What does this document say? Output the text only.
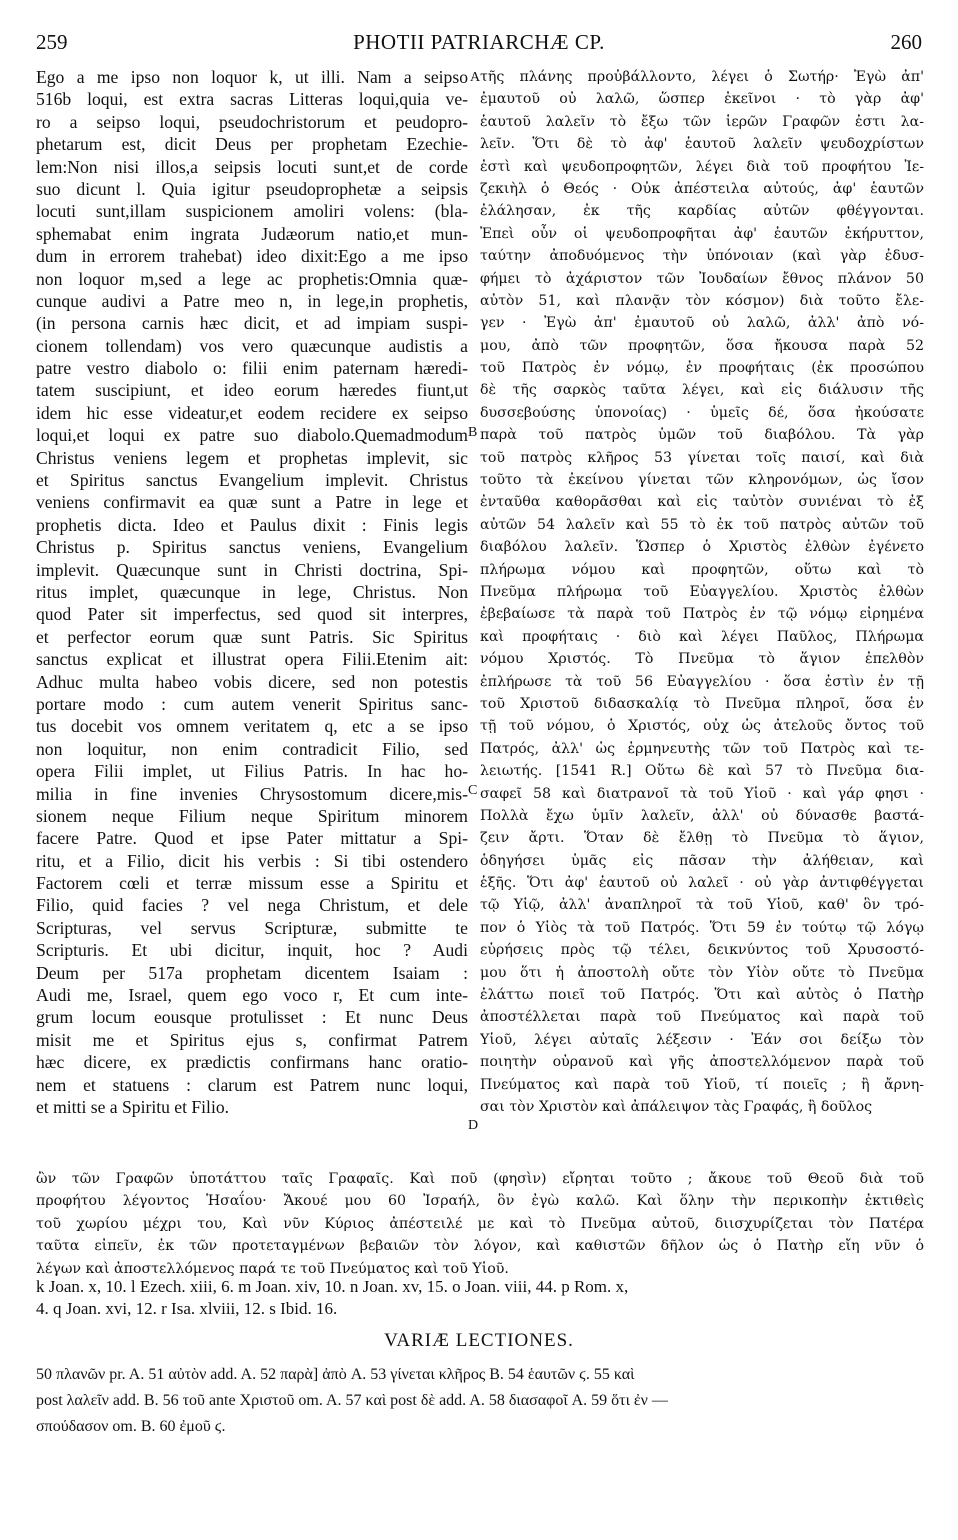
259	PHOTII PATRIARCHÆ CP.	260
Ego a me ipso non loquor k, ut illi. Nam a seipso
516b loqui, est extra sacras Litteras loqui,quia ve-
ro a seipso loqui, pseudochristorum et peudopro-
phetarum est, dicit Deus per prophetam Ezechie-
lem:Non nisi illos,a seipsis locuti sunt,et de corde
suo dicunt l. Quia igitur pseudoprophetæ a seipsis
locuti sunt,illam suspicionem amoliri volens: (bla-
sphemabat enim ingrata Judæorum natio,et mun-
dum in errorem trahebat) ideo dixit:Ego a me ipso
non loquor m,sed a lege ac prophetis:Omnia quæ-
cunque audivi a Patre meo n, in lege,in prophetis,
(in persona carnis hæc dicit, et ad impiam suspi-
cionem tollendam) vos vero quæcunque audistis a
patre vestro diabolo o: filii enim paternam hæredi-
tatem suscipiunt, et ideo eorum hæredes fiunt,ut
idem hic esse videatur,et eodem recidere ex seipso
loqui,et loqui ex patre suo diabolo.Quemadmodum
Christus veniens legem et prophetas implevit, sic
et Spiritus sanctus Evangelium implevit. Christus
veniens confirmavit ea quæ sunt a Patre in lege et
prophetis dicta. Ideo et Paulus dixit : Finis legis
Christus p. Spiritus sanctus veniens, Evangelium
implevit. Quæcunque sunt in Christi doctrina, Spi-
ritus implet, quæcunque in lege, Christus. Non
quod Pater sit imperfectus, sed quod sit interpres,
et perfector eorum quæ sunt Patris. Sic Spiritus
sanctus explicat et illustrat opera Filii.Etenim ait:
Adhuc multa habeo vobis dicere, sed non potestis
portare modo : cum autem venerit Spiritus sanc-
tus docebit vos omnem veritatem q, etc a se ipso
non loquitur, non enim contradicit Filio, sed
opera Filii implet, ut Filius Patris. In hac ho-
milia in fine invenies Chrysostomum dicere,mis-
sionem neque Filium neque Spiritum minorem
facere Patre. Quod et ipse Pater mittatur a Spi-
ritu, et a Filio, dicit his verbis : Si tibi ostendero
Factorem cœli et terræ missum esse a Spiritu et
Filio, quid facies ? vel nega Christum, et dele
Scripturas, vel servus Scripturæ, submitte te
Scripturis. Et ubi dicitur, inquit, hoc ? Audi
Deum per 517a prophetam dicentem Isaiam :
Audi me, Israel, quem ego voco r, Et cum inte-
grum locum eousque protulisset : Et nunc Deus
misit me et Spiritus ejus s, confirmat Patrem
hæc dicere, ex prædictis confirmans hanc oratio-
nem et statuens : clarum est Patrem nunc loqui,
et mitti se a Spiritu et Filio.
τῆς πλάνης προὐβάλλοντο, λέγει ὁ Σωτήρ· Ἐγὼ ἀπ'
ἐμαυτοῦ οὐ λαλῶ, ὥσπερ ἐκεῖνοι · τὸ γὰρ ἀφ'
ἑαυτοῦ λαλεῖν τὸ ἔξω τῶν ἱερῶν Γραφῶν ἐστι λα-
λεῖν. Ὅτι δὲ τὸ ἀφ' ἑαυτοῦ λαλεῖν ψευδοχρίστων
ἐστὶ καὶ ψευδοπροφητῶν, λέγει διὰ τοῦ προφήτου Ἰε-
ζεκιὴλ ὁ Θεός · Οὐκ ἀπέστειλα αὐτούς, ἀφ' ἑαυτῶν
ἐλάλησαν, ἐκ τῆς καρδίας αὐτῶν φθέγγονται.
Ἐπεὶ οὖν οἱ ψευδοπροφῆται ἀφ' ἑαυτῶν ἐκήρυττον,
ταύτην ἀποδυόμενος τὴν ὑπόνοιαν (καὶ γὰρ ἐδυσ-
φήμει τὸ ἀχάριστον τῶν Ἰουδαίων ἔθνος πλάνον 50
αὐτὸν 51, καὶ πλανᾷν τὸν κόσμον) διὰ τοῦτο ἔλε-
γεν · Ἐγὼ ἀπ' ἐμαυτοῦ οὐ λαλῶ, ἀλλ' ἀπὸ νό-
μου, ἀπὸ τῶν προφητῶν, ὅσα ἤκουσα παρὰ 52
τοῦ Πατρὸς ἐν νόμῳ, ἐν προφήταις (ἐκ προσώπου
δὲ τῆς σαρκὸς ταῦτα λέγει, καὶ εἰς διάλυσιν τῆς
δυσσεβούσης ὑπονοίας) · ὑμεῖς δέ, ὅσα ἠκούσατε
παρὰ τοῦ πατρὸς ὑμῶν τοῦ διαβόλου. Τὰ γὰρ
τοῦ πατρὸς κλῆρος 53 γίνεται τοῖς παισί, καὶ διὰ
τοῦτο τὰ ἐκείνου γίνεται τῶν κληρονόμων, ὡς ἴσον
ἐνταῦθα καθορᾶσθαι καὶ εἰς ταὐτὸν συνιέναι τὸ ἐξ
αὐτῶν 54 λαλεῖν καὶ 55 τὸ ἐκ τοῦ πατρὸς αὐτῶν τοῦ
διαβόλου λαλεῖν. Ὥσπερ ὁ Χριστὸς ἐλθὼν ἐγένετο
πλήρωμα νόμου καὶ προφητῶν, οὕτω καὶ τὸ
Πνεῦμα πλήρωμα τοῦ Εὐαγγελίου. Χριστὸς ἐλθὼν
ἐβεβαίωσε τὰ παρὰ τοῦ Πατρὸς ἐν τῷ νόμῳ εἰρημένα
καὶ προφήταις · διὸ καὶ λέγει Παῦλος, Πλήρωμα
νόμου Χριστός. Τὸ Πνεῦμα τὸ ἅγιον ἐπελθὸν
ἐπλήρωσε τὰ τοῦ 56 Εὐαγγελίου · ὅσα ἐστὶν ἐν τῇ
τοῦ Χριστοῦ διδασκαλίᾳ τὸ Πνεῦμα πληροῖ, ὅσα ἐν
τῇ τοῦ νόμου, ὁ Χριστός, οὐχ ὡς ἀτελοῦς ὄντος τοῦ
Πατρός, ἀλλ' ὡς ἑρμηνευτὴς τῶν τοῦ Πατρὸς καὶ τε-
λειωτής. [1541 R.] Οὕτω δὲ καὶ 57 τὸ Πνεῦμα δια-
σαφεῖ 58 καὶ διατρανοῖ τὰ τοῦ Υἱοῦ · καὶ γάρ φησι ·
Πολλὰ ἔχω ὑμῖν λαλεῖν, ἀλλ' οὐ δύνασθε βαστά-
ζειν ἄρτι. Ὅταν δὲ ἔλθῃ τὸ Πνεῦμα τὸ ἅγιον,
ὁδηγήσει ὑμᾶς εἰς πᾶσαν τὴν ἀλήθειαν, καὶ
ἑξῆς. Ὅτι ἀφ' ἑαυτοῦ οὐ λαλεῖ · οὐ γὰρ ἀντιφθέγγεται
τῷ Υἱῷ, ἀλλ' ἀναπληροῖ τὰ τοῦ Υἱοῦ, καθ' ὃν τρό-
πον ὁ Υἱὸς τὰ τοῦ Πατρός. Ὅτι 59 ἐν τούτῳ τῷ λόγῳ
εὑρήσεις πρὸς τῷ τέλει, δεικνύντος τοῦ Χρυσοστό-
μου ὅτι ἡ ἀποστολὴ οὔτε τὸν Υἱὸν οὔτε τὸ Πνεῦμα
ἐλάττω ποιεῖ τοῦ Πατρός. Ὅτι καὶ αὐτὸς ὁ Πατὴρ
ἀποστέλλεται παρὰ τοῦ Πνεύματος καὶ παρὰ τοῦ
Υἱοῦ, λέγει αὐταῖς λέξεσιν · Ἐάν σοι δείξω τὸν
ποιητὴν οὐρανοῦ καὶ γῆς ἀποστελλόμενον παρὰ τοῦ
Πνεύματος καὶ παρὰ τοῦ Υἱοῦ, τί ποιεῖς ; ἢ ἄρνη-
σαι τὸν Χριστὸν καὶ ἀπάλειψον τὰς Γραφάς, ἢ δοῦλος
A
B
C
D
ὢν τῶν Γραφῶν ὑποτάττου ταῖς Γραφαῖς. Καὶ ποῦ (φησὶν) εἴρηται τοῦτο ; ἄκουε τοῦ Θεοῦ διὰ τοῦ
προφήτου λέγοντος Ἡσαΐου· Ἄκουέ μου 60 Ἰσραήλ, ὃν ἐγὼ καλῶ. Καὶ ὅλην τὴν περικοπὴν ἐκτιθεὶς
τοῦ χωρίου μέχρι του, Καὶ νῦν Κύριος ἀπέστειλέ με καὶ τὸ Πνεῦμα αὐτοῦ, διισχυρίζεται τὸν Πατέρα
ταῦτα εἰπεῖν, ἐκ τῶν προτεταγμένων βεβαιῶν τὸν λόγον, καὶ καθιστῶν δῆλον ὡς ὁ Πατὴρ εἴη νῦν ὁ
λέγων καὶ ἀποστελλόμενος παρά τε τοῦ Πνεύματος καὶ τοῦ Υἱοῦ.
k Joan. x, 10. l Ezech. xiii, 6. m Joan. xiv, 10. n Joan. xv, 15. o Joan. viii, 44. p Rom. x,
4. q Joan. xvi, 12. r Isa. xlviii, 12. s Ibid. 16.
VARIÆ LECTIONES.
50 πλανῶν pr. A. 51 αὐτὸν add. A. 52 παρὰ] ἀπὸ A. 53 γίνεται κλῆρος B. 54 ἑαυτῶν ϛ. 55 καὶ
post λαλεῖν add. B. 56 τοῦ ante Χριστοῦ om. A. 57 καὶ post δὲ add. A. 58 διασαφοῖ A. 59 ὅτι ἐν —
σπούδασον om. B. 60 ἐμοῦ ϛ.
